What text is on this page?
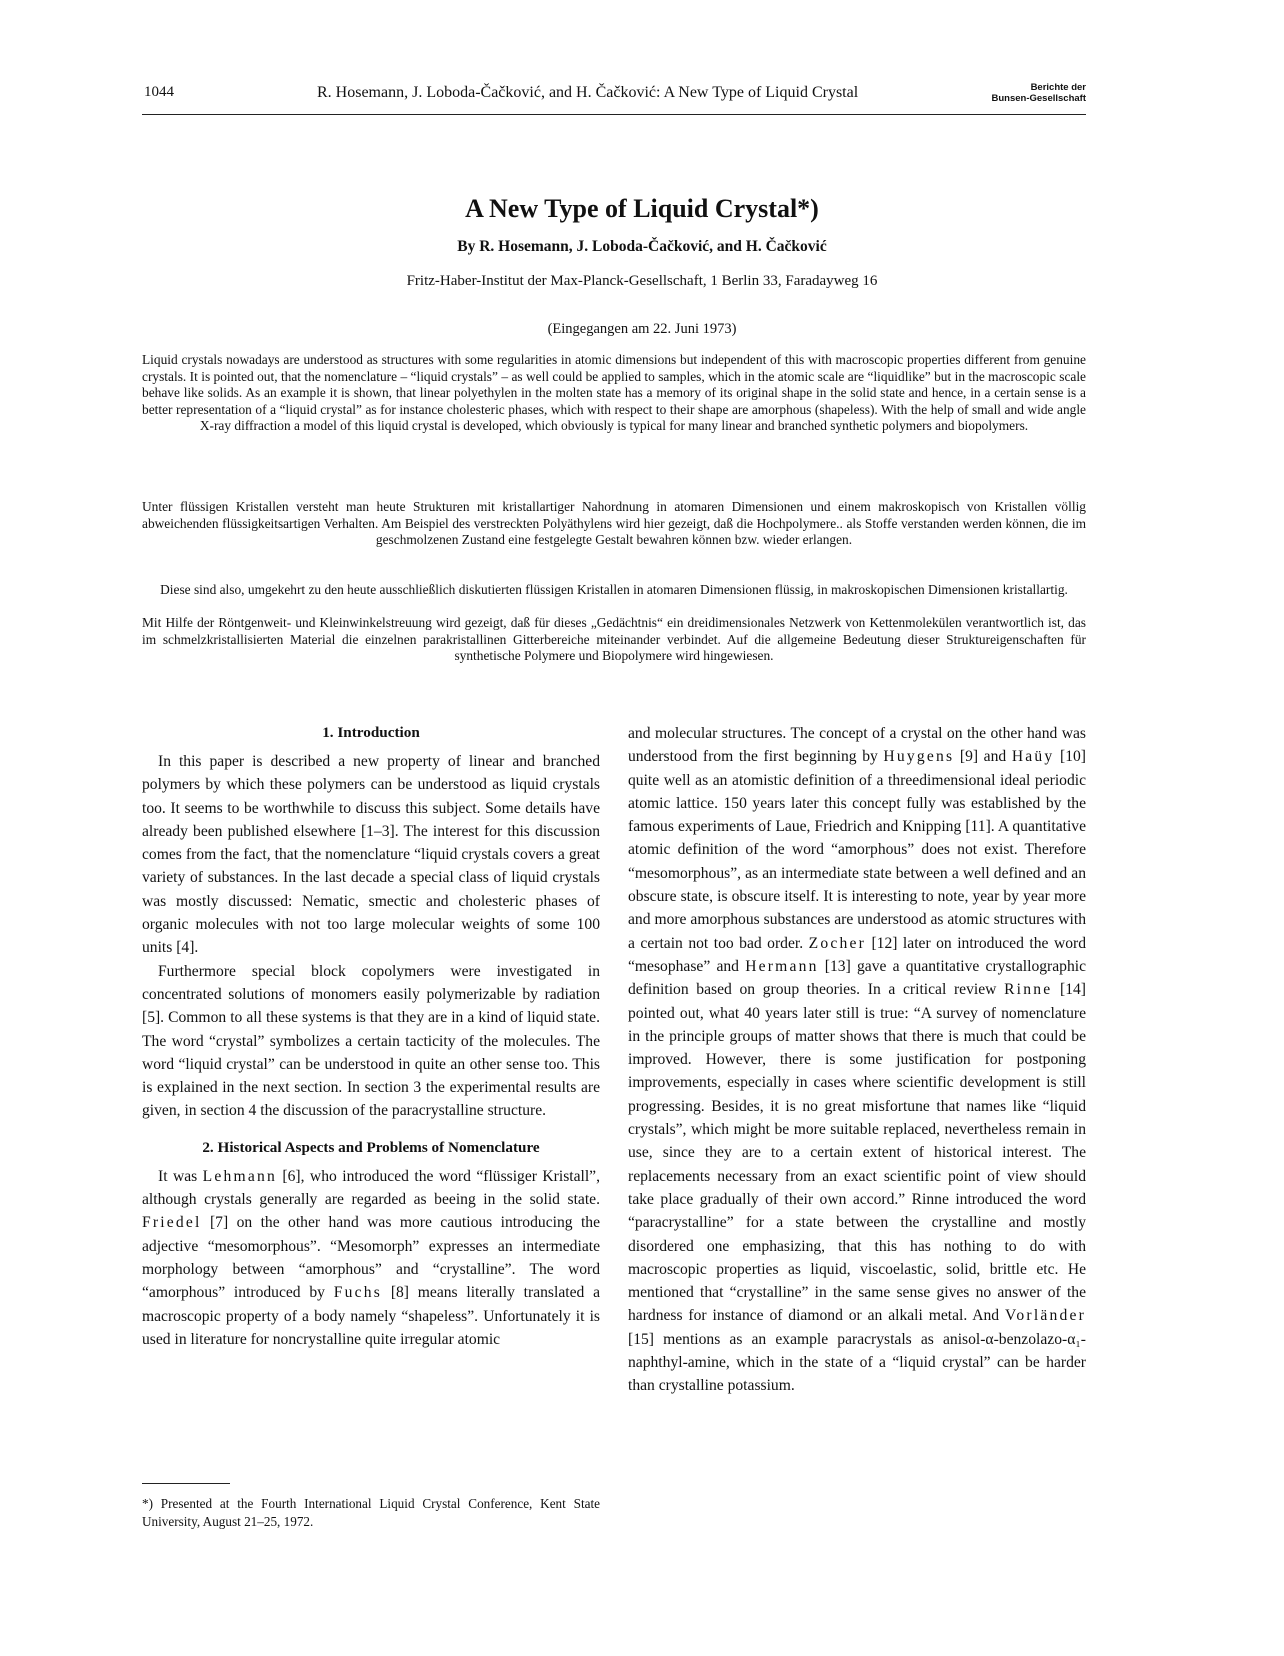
1044	R. Hosemann, J. Loboda-Čačković, and H. Čačković: A New Type of Liquid Crystal	Berichte der
Bunsen-Gesellschaft
A New Type of Liquid Crystal*)
By R. Hosemann, J. Loboda-Čačković, and H. Čačković
Fritz-Haber-Institut der Max-Planck-Gesellschaft, 1 Berlin 33, Faradayweg 16
(Eingegangen am 22. Juni 1973)
Liquid crystals nowadays are understood as structures with some regularities in atomic dimensions but independent of this with macroscopic properties different from genuine crystals. It is pointed out, that the nomenclature – “liquid crystals” – as well could be applied to samples, which in the atomic scale are “liquidlike” but in the macroscopic scale behave like solids. As an example it is shown, that linear polyethylen in the molten state has a memory of its original shape in the solid state and hence, in a certain sense is a better representation of a “liquid crystal” as for instance cholesteric phases, which with respect to their shape are amorphous (shapeless). With the help of small and wide angle X-ray diffraction a model of this liquid crystal is developed, which obviously is typical for many linear and branched synthetic polymers and biopolymers.
Unter flüssigen Kristallen versteht man heute Strukturen mit kristallartiger Nahordnung in atomaren Dimensionen und einem makroskopisch von Kristallen völlig abweichenden flüssigkeitsartigen Verhalten. Am Beispiel des verstreckten Polyäthylens wird hier gezeigt, daß die Hochpolymere.. als Stoffe verstanden werden können, die im geschmolzenen Zustand eine festgelegte Gestalt bewahren können bzw. wieder erlangen.
Diese sind also, umgekehrt zu den heute ausschließlich diskutierten flüssigen Kristallen in atomaren Dimensionen flüssig, in makroskopischen Dimensionen kristallartig.
Mit Hilfe der Röntgenweit- und Kleinwinkelstreuung wird gezeigt, daß für dieses „Gedächtnis“ ein dreidimensionales Netzwerk von Kettenmolekülen verantwortlich ist, das im schmelzkristallisierten Material die einzelnen parakristallinen Gitterbereiche miteinander verbindet. Auf die allgemeine Bedeutung dieser Struktureigenschaften für synthetische Polymere und Biopolymere wird hingewiesen.
1. Introduction

In this paper is described a new property of linear and branched polymers by which these polymers can be understood as liquid crystals too. It seems to be worthwhile to discuss this subject. Some details have already been published elsewhere [1–3]. The interest for this discussion comes from the fact, that the nomenclature “liquid crystals covers a great variety of substances. In the last decade a special class of liquid crystals was mostly discussed: Nematic, smectic and cholesteric phases of organic molecules with not too large molecular weights of some 100 units [4].

Furthermore special block copolymers were investigated in concentrated solutions of monomers easily polymerizable by radiation [5]. Common to all these systems is that they are in a kind of liquid state. The word “crystal” symbolizes a certain tacticity of the molecules. The word “liquid crystal” can be understood in quite an other sense too. This is explained in the next section. In section 3 the experimental results are given, in section 4 the discussion of the paracrystalline structure.

2. Historical Aspects and Problems of Nomenclature

It was Lehmann [6], who introduced the word “flüssiger Kristall”, although crystals generally are regarded as beeing in the solid state. Friedel [7] on the other hand was more cautious introducing the adjective “mesomorphous”. “Mesomorph” expresses an intermediate morphology between “amorphous” and “crystalline”. The word “amorphous” introduced by Fuchs [8] means literally translated a macroscopic property of a body namely “shapeless”. Unfortunately it is used in literature for noncrystalline quite irregular atomic

and molecular structures. The concept of a crystal on the other hand was understood from the first beginning by Huygens [9] and Haüy [10] quite well as an atomistic definition of a threedimensional ideal periodic atomic lattice. 150 years later this concept fully was established by the famous experiments of Laue, Friedrich and Knipping [11]. A quantitative atomic definition of the word “amorphous” does not exist. Therefore “mesomorphous”, as an intermediate state between a well defined and an obscure state, is obscure itself. It is interesting to note, year by year more and more amorphous substances are understood as atomic structures with a certain not too bad order. Zocher [12] later on introduced the word “mesophase” and Hermann [13] gave a quantitative crystallographic definition based on group theories. In a critical review Rinne [14] pointed out, what 40 years later still is true: “A survey of nomenclature in the principle groups of matter shows that there is much that could be improved. However, there is some justification for postponing improvements, especially in cases where scientific development is still progressing. Besides, it is no great misfortune that names like “liquid crystals”, which might be more suitable replaced, nevertheless remain in use, since they are to a certain extent of historical interest. The replacements necessary from an exact scientific point of view should take place gradually of their own accord.” Rinne introduced the word “paracrystalline” for a state between the crystalline and mostly disordered one emphasizing, that this has nothing to do with macroscopic properties as liquid, viscoelastic, solid, brittle etc. He mentioned that “crystalline” in the same sense gives no answer of the hardness for instance of diamond or an alkali metal. And Vorländer [15] mentions as an example paracrystals as anisol-α-benzolazo-α₁-naphthyl-amine, which in the state of a “liquid crystal” can be harder than crystalline potassium.

*) Presented at the Fourth International Liquid Crystal Conference, Kent State University, August 21–25, 1972.
